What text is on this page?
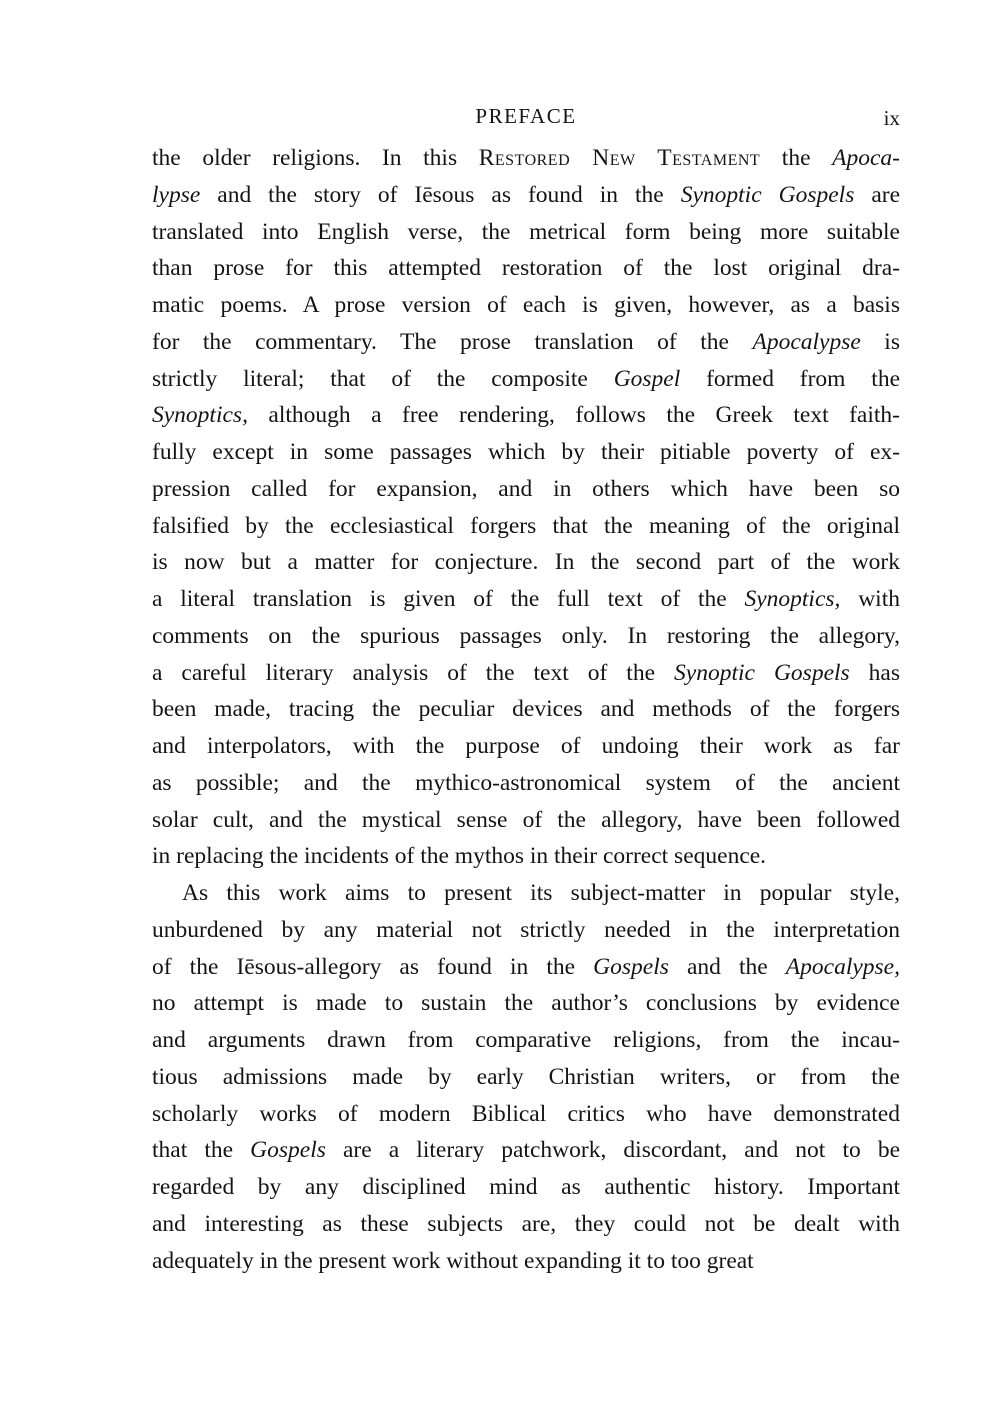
PREFACE	ix
the older religions. In this Restored New Testament the Apoca-
lypse and the story of Iēsous as found in the Synoptic Gospels are
translated into English verse, the metrical form being more suitable
than prose for this attempted restoration of the lost original dra-
matic poems. A prose version of each is given, however, as a basis
for the commentary. The prose translation of the Apocalypse is
strictly literal; that of the composite Gospel formed from the
Synoptics, although a free rendering, follows the Greek text faith-
fully except in some passages which by their pitiable poverty of ex-
pression called for expansion, and in others which have been so
falsified by the ecclesiastical forgers that the meaning of the original
is now but a matter for conjecture. In the second part of the work
a literal translation is given of the full text of the Synoptics, with
comments on the spurious passages only. In restoring the allegory,
a careful literary analysis of the text of the Synoptic Gospels has
been made, tracing the peculiar devices and methods of the forgers
and interpolators, with the purpose of undoing their work as far
as possible; and the mythico-astronomical system of the ancient
solar cult, and the mystical sense of the allegory, have been followed
in replacing the incidents of the mythos in their correct sequence.
As this work aims to present its subject-matter in popular style,
unburdened by any material not strictly needed in the interpretation
of the Iēsous-allegory as found in the Gospels and the Apocalypse,
no attempt is made to sustain the author’s conclusions by evidence
and arguments drawn from comparative religions, from the incau-
tious admissions made by early Christian writers, or from the
scholarly works of modern Biblical critics who have demonstrated
that the Gospels are a literary patchwork, discordant, and not to be
regarded by any disciplined mind as authentic history. Important
and interesting as these subjects are, they could not be dealt with
adequately in the present work without expanding it to too great
